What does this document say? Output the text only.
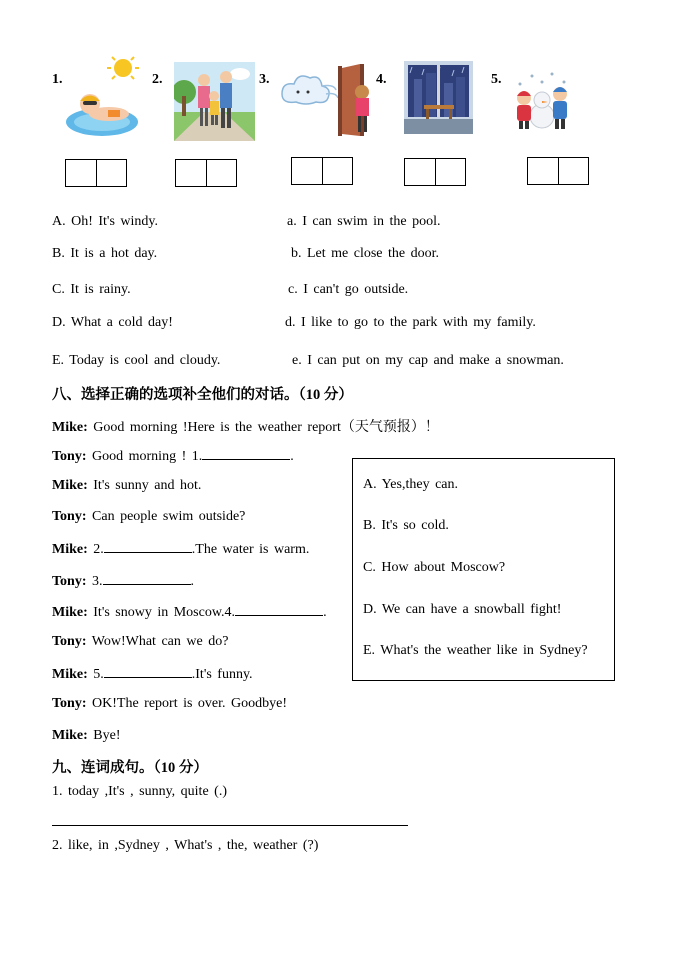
1.	2.	3.	4.	5.
A. Oh! It's windy.	a. I can swim in the pool.
B. It is a hot day.	b. Let me close the door.
C. It is rainy.	c. I can't go outside.
D. What a cold day!	d. I like to go to the park with my family.
E. Today is cool and cloudy.	e. I can put on my cap and make a snowman.
八、选择正确的选项补全他们的对话。（10 分）
Mike: Good morning !Here is the weather report（天气预报）！
Tony: Good morning ! 1.	.
Mike: It's sunny and hot.
Tony: Can people swim outside?
Mike: 2.	.The water is warm.
Tony: 3.	.
Mike: It's snowy in Moscow.4.	.
Tony: Wow!What can we do?
Mike: 5.	.It's funny.
Tony: OK!The report is over. Goodbye!
Mike: Bye!
A. Yes,they can.
B. It's so cold.
C. How about Moscow?
D. We can have a snowball fight!
E. What's the weather like in Sydney?
九、连词成句。（10 分）
1. today ,It's , sunny, quite (.)
2. like, in ,Sydney , What's , the, weather (?)
